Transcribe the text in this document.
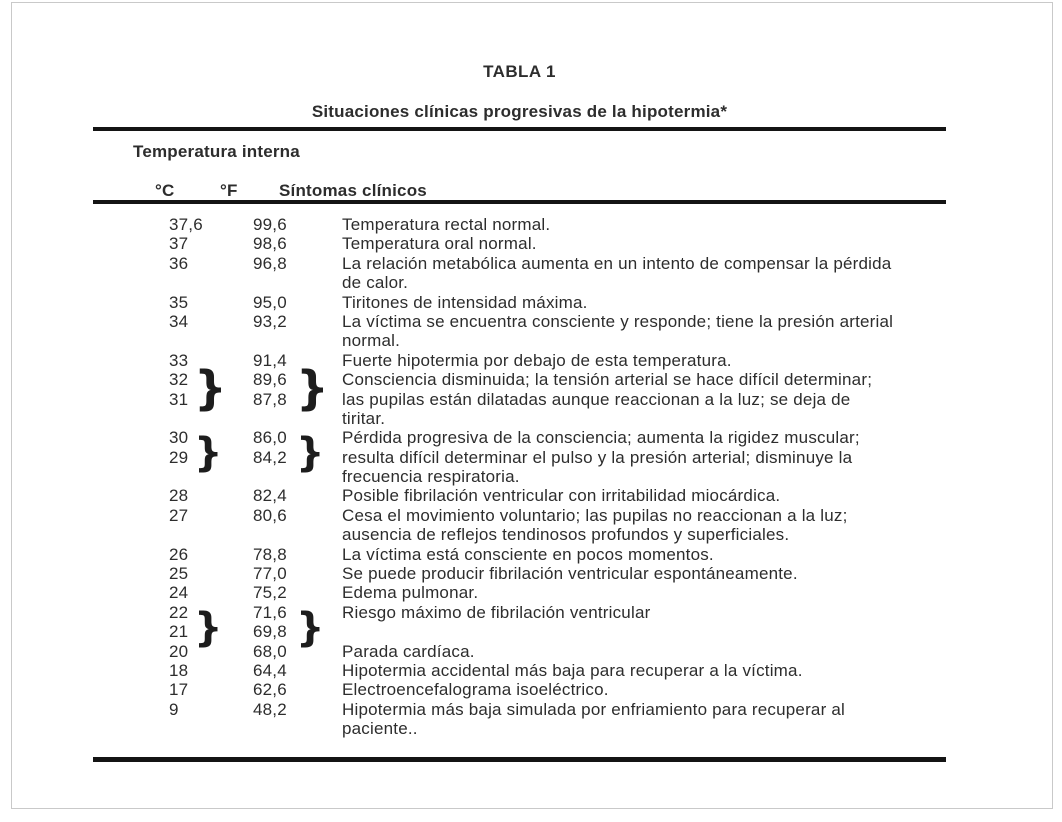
TABLA 1
Situaciones clínicas progresivas de la hipotermia*
Temperatura interna
°C	°F Síntomas clínicos
37,6	99,6	Temperatura rectal normal.
37	98,6	Temperatura oral normal.
36	96,8	La relación metabólica aumenta en un intento de compensar la pérdida
de calor.
35	95,0	Tiritones de intensidad máxima.
34	93,2	La víctima se encuentra consciente y responde; tiene la presión arterial
normal.
33	91,4	Fuerte hipotermia por debajo de esta temperatura.
32	89,6	Consciencia disminuida; la tensión arterial se hace difícil determinar;
31	87,8	las pupilas están dilatadas aunque reaccionan a la luz; se deja de
tiritar.
30	86,0	Pérdida progresiva de la consciencia; aumenta la rigidez muscular;
29	84,2	resulta difícil determinar el pulso y la presión arterial; disminuye la
frecuencia respiratoria.
28	82,4	Posible fibrilación ventricular con irritabilidad miocárdica.
27	80,6	Cesa el movimiento voluntario; las pupilas no reaccionan a la luz;
ausencia de reflejos tendinosos profundos y superficiales.
26	78,8	La víctima está consciente en pocos momentos.
25	77,0	Se puede producir fibrilación ventricular espontáneamente.
24	75,2	Edema pulmonar.
22	71,6	Riesgo máximo de fibrilación ventricular
21	69,8
20	68,0	Parada cardíaca.
18	64,4	Hipotermia accidental más baja para recuperar a la víctima.
17	62,6	Electroencefalograma isoeléctrico.
9	48,2	Hipotermia más baja simulada por enfriamiento para recuperar al
paciente..
} }
} }
} }
